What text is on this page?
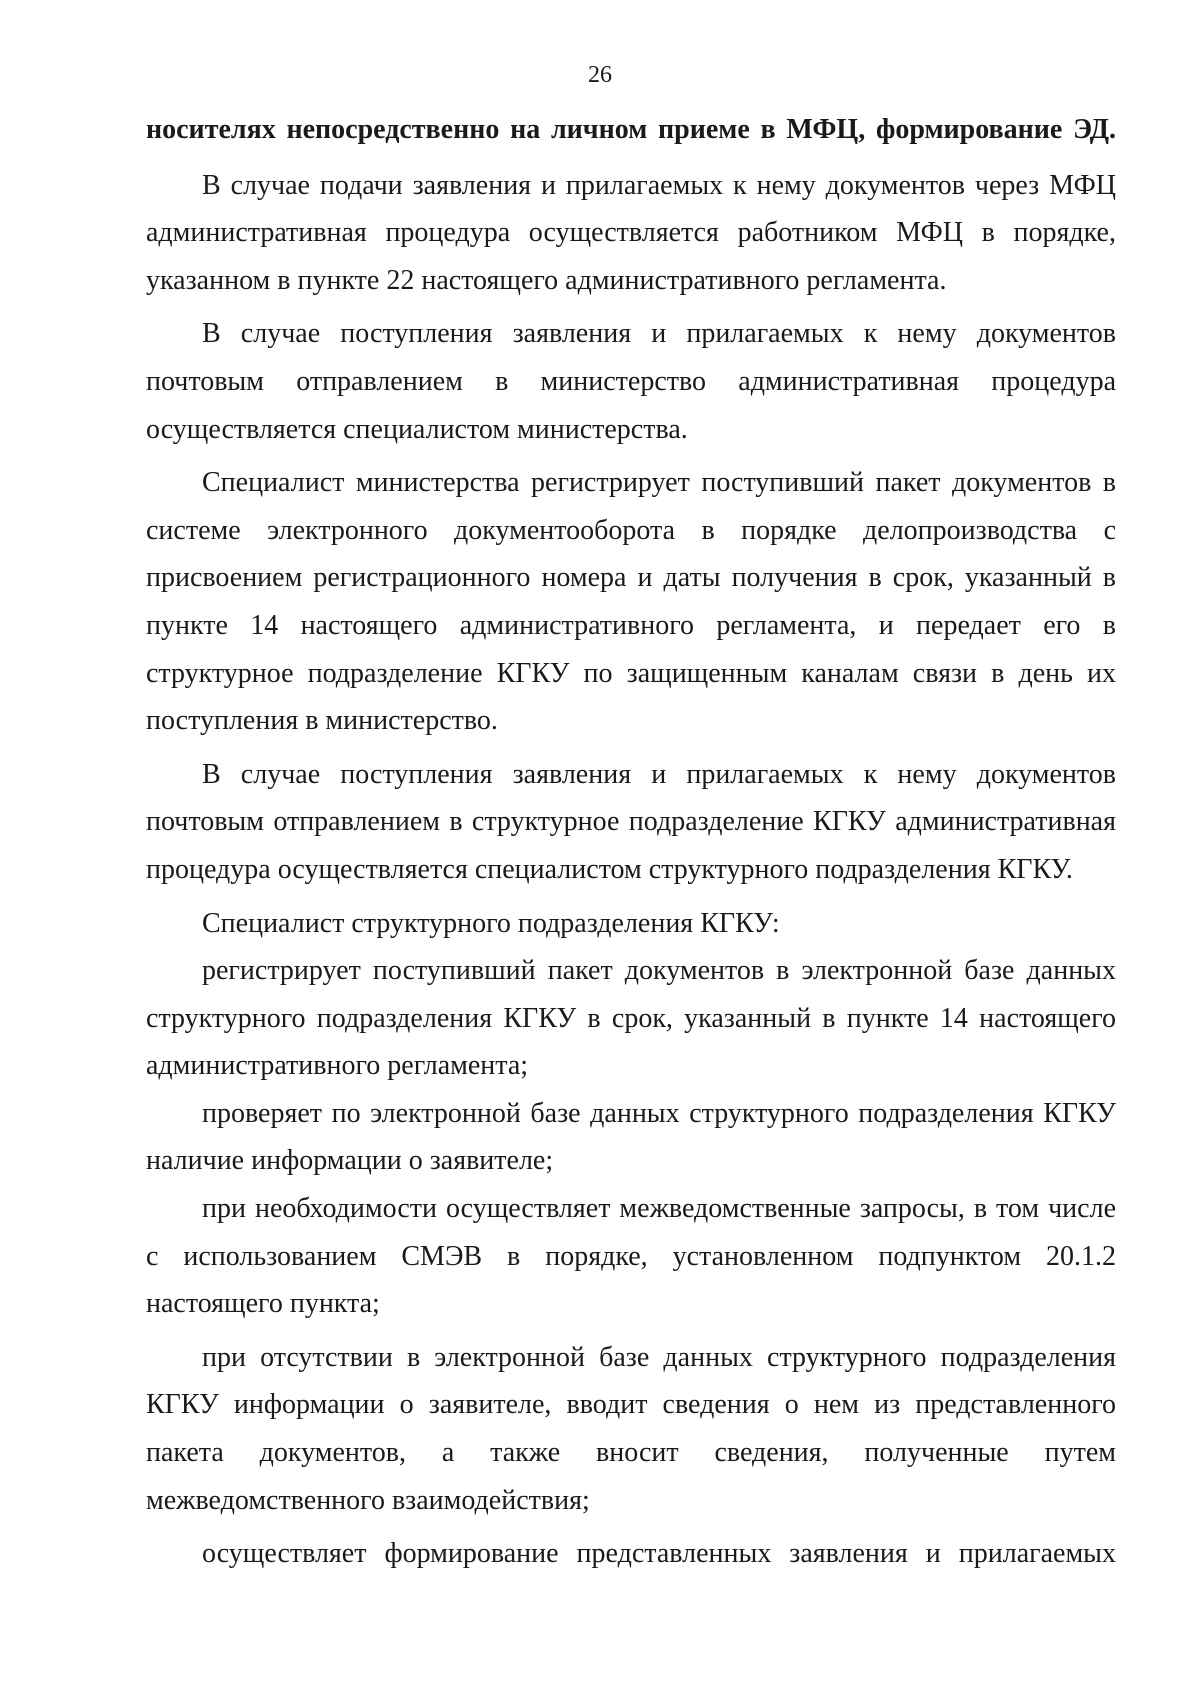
26

носителях непосредственно на личном приеме в МФЦ, формирование ЭД.

В случае подачи заявления и прилагаемых к нему документов через МФЦ административная процедура осуществляется работником МФЦ в порядке, указанном в пункте 22 настоящего административного регламента.

В случае поступления заявления и прилагаемых к нему документов почтовым отправлением в министерство административная процедура осуществляется специалистом министерства.

Специалист министерства регистрирует поступивший пакет документов в системе электронного документооборота в порядке делопроизводства с присвоением регистрационного номера и даты получения в срок, указанный в пункте 14 настоящего административного регламента, и передает его в структурное подразделение КГКУ по защищенным каналам связи в день их поступления в министерство.

В случае поступления заявления и прилагаемых к нему документов почтовым отправлением в структурное подразделение КГКУ административная процедура осуществляется специалистом структурного подразделения КГКУ.

Специалист структурного подразделения КГКУ:

регистрирует поступивший пакет документов в электронной базе данных структурного подразделения КГКУ в срок, указанный в пункте 14 настоящего административного регламента;

проверяет по электронной базе данных структурного подразделения КГКУ наличие информации о заявителе;

при необходимости осуществляет межведомственные запросы, в том числе с использованием СМЭВ в порядке, установленном подпунктом 20.1.2 настоящего пункта;

при отсутствии в электронной базе данных структурного подразделения КГКУ информации о заявителе, вводит сведения о нем из представленного пакета документов, а также вносит сведения, полученные путем межведомственного взаимодействия;

осуществляет формирование представленных заявления и прилагаемых
